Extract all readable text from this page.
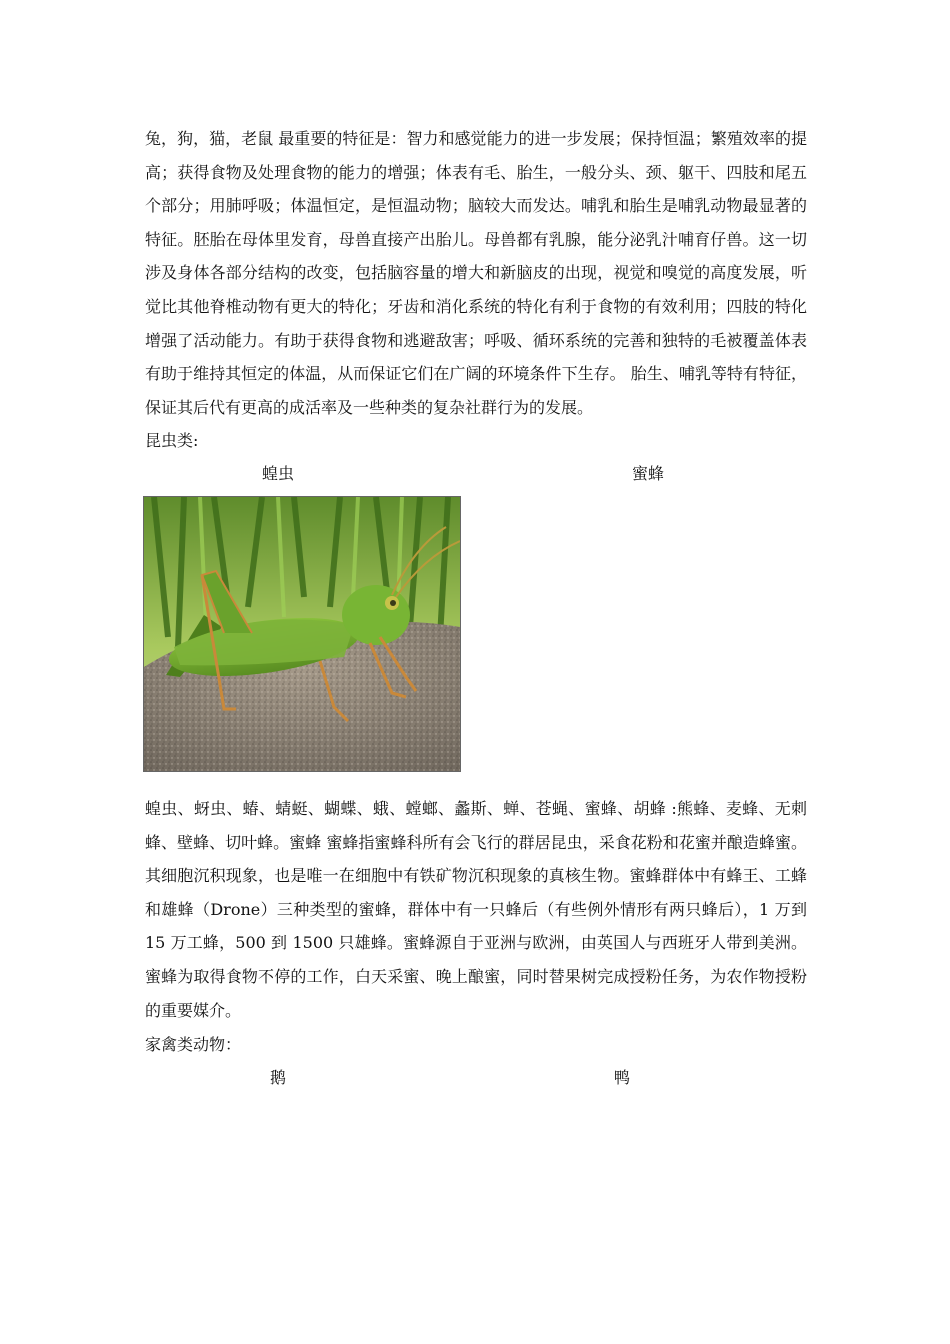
兔，狗，猫，老鼠 最重要的特征是：智力和感觉能力的进一步发展；保持恒温；繁殖效率的提高；获得食物及处理食物的能力的增强；体表有毛、胎生，一般分头、颈、躯干、四肢和尾五个部分；用肺呼吸；体温恒定，是恒温动物；脑较大而发达。哺乳和胎生是哺乳动物最显著的特征。胚胎在母体里发育，母兽直接产出胎儿。母兽都有乳腺，能分泌乳汁哺育仔兽。这一切涉及身体各部分结构的改变，包括脑容量的增大和新脑皮的出现，视觉和嗅觉的高度发展，听觉比其他脊椎动物有更大的特化；牙齿和消化系统的特化有利于食物的有效利用；四肢的特化增强了活动能力。有助于获得食物和逃避敌害；呼吸、循环系统的完善和独特的毛被覆盖体表有助于维持其恒定的体温，从而保证它们在广阔的环境条件下生存。 胎生、哺乳等特有特征，保证其后代有更高的成活率及一些种类的复杂社群行为的发展。

昆虫类:

蝗虫	蜜蜂

蝗虫、蚜虫、蝽、蜻蜓、蝴蝶、蛾、螳螂、蠡斯、蝉、苍蝇、蜜蜂、胡蜂 :熊蜂、麦蜂、无刺蜂、壁蜂、切叶蜂。蜜蜂 蜜蜂指蜜蜂科所有会飞行的群居昆虫，采食花粉和花蜜并酿造蜂蜜。其细胞沉积现象，也是唯一在细胞中有铁矿物沉积现象的真核生物。蜜蜂群体中有蜂王、工蜂和雄蜂（Drone）三种类型的蜜蜂，群体中有一只蜂后（有些例外情形有两只蜂后），1 万到 15 万工蜂，500 到 1500 只雄蜂。蜜蜂源自于亚洲与欧洲，由英国人与西班牙人带到美洲。蜜蜂为取得食物不停的工作，白天采蜜、晚上酿蜜，同时替果树完成授粉任务，为农作物授粉的重要媒介。

家禽类动物：

鹅	鸭
